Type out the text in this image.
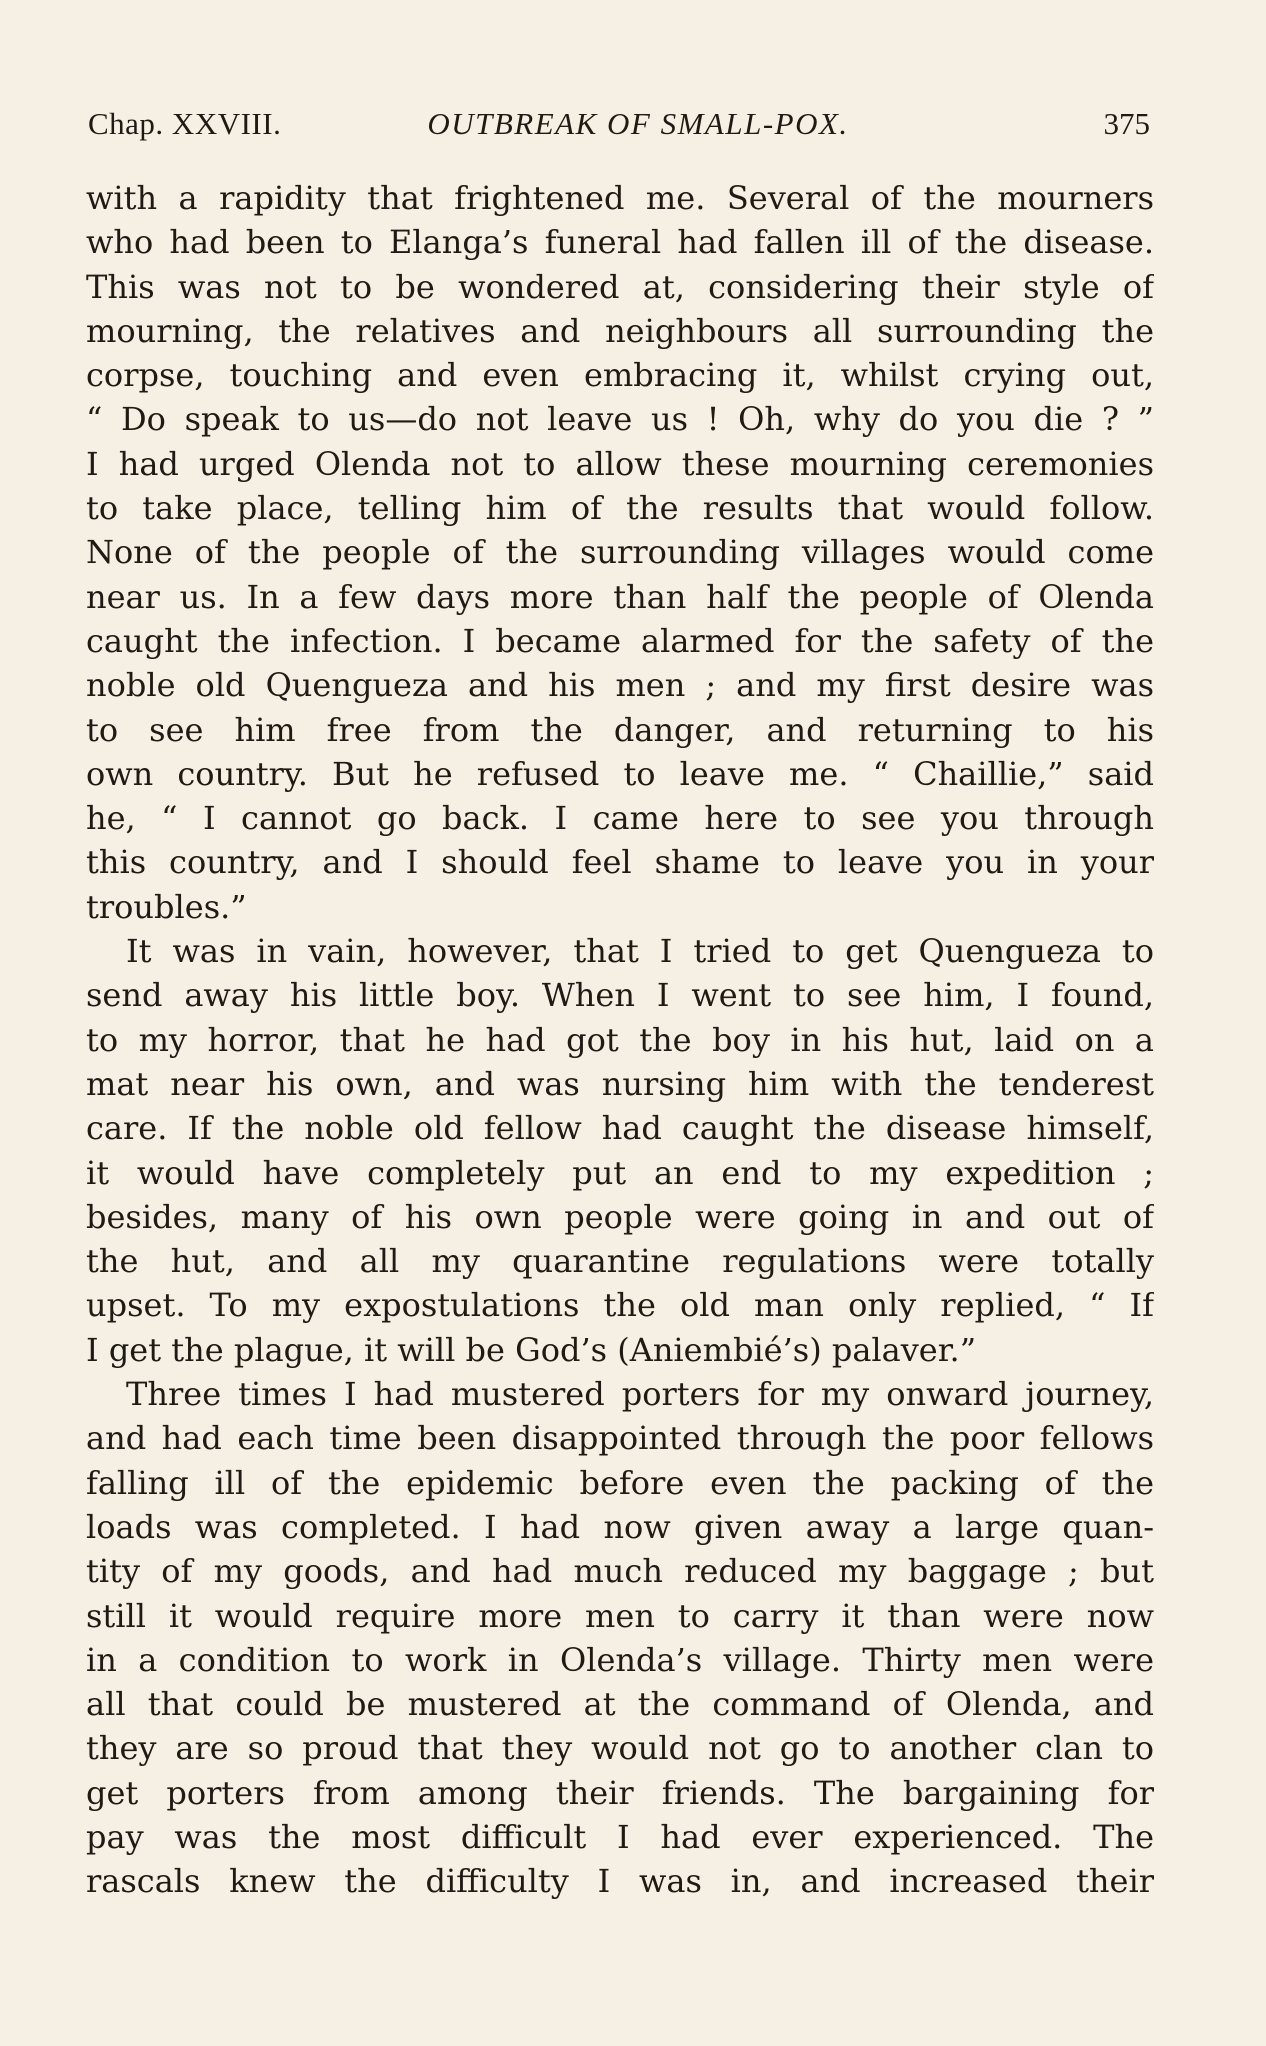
Chap. XXVIII.	OUTBREAK OF SMALL-POX.	375
with a rapidity that frightened me. Several of the mourners
who had been to Elanga’s funeral had fallen ill of the disease.
This was not to be wondered at, considering their style of
mourning, the relatives and neighbours all surrounding the
corpse, touching and even embracing it, whilst crying out,
“ Do speak to us—do not leave us ! Oh, why do you die ? ”
I had urged Olenda not to allow these mourning ceremonies
to take place, telling him of the results that would follow.
None of the people of the surrounding villages would come
near us. In a few days more than half the people of Olenda
caught the infection. I became alarmed for the safety of the
noble old Quengueza and his men ; and my first desire was
to see him free from the danger, and returning to his
own country. But he refused to leave me. “ Chaillie,” said
he, “ I cannot go back. I came here to see you through
this country, and I should feel shame to leave you in your
troubles.”
It was in vain, however, that I tried to get Quengueza to
send away his little boy. When I went to see him, I found,
to my horror, that he had got the boy in his hut, laid on a
mat near his own, and was nursing him with the tenderest
care. If the noble old fellow had caught the disease himself,
it would have completely put an end to my expedition ;
besides, many of his own people were going in and out of
the hut, and all my quarantine regulations were totally
upset. To my expostulations the old man only replied, “ If
I get the plague, it will be God’s (Aniembié’s) palaver.”
Three times I had mustered porters for my onward journey,
and had each time been disappointed through the poor fellows
falling ill of the epidemic before even the packing of the
loads was completed. I had now given away a large quan-
tity of my goods, and had much reduced my baggage ; but
still it would require more men to carry it than were now
in a condition to work in Olenda’s village. Thirty men were
all that could be mustered at the command of Olenda, and
they are so proud that they would not go to another clan to
get porters from among their friends. The bargaining for
pay was the most difficult I had ever experienced. The
rascals knew the difficulty I was in, and increased their
